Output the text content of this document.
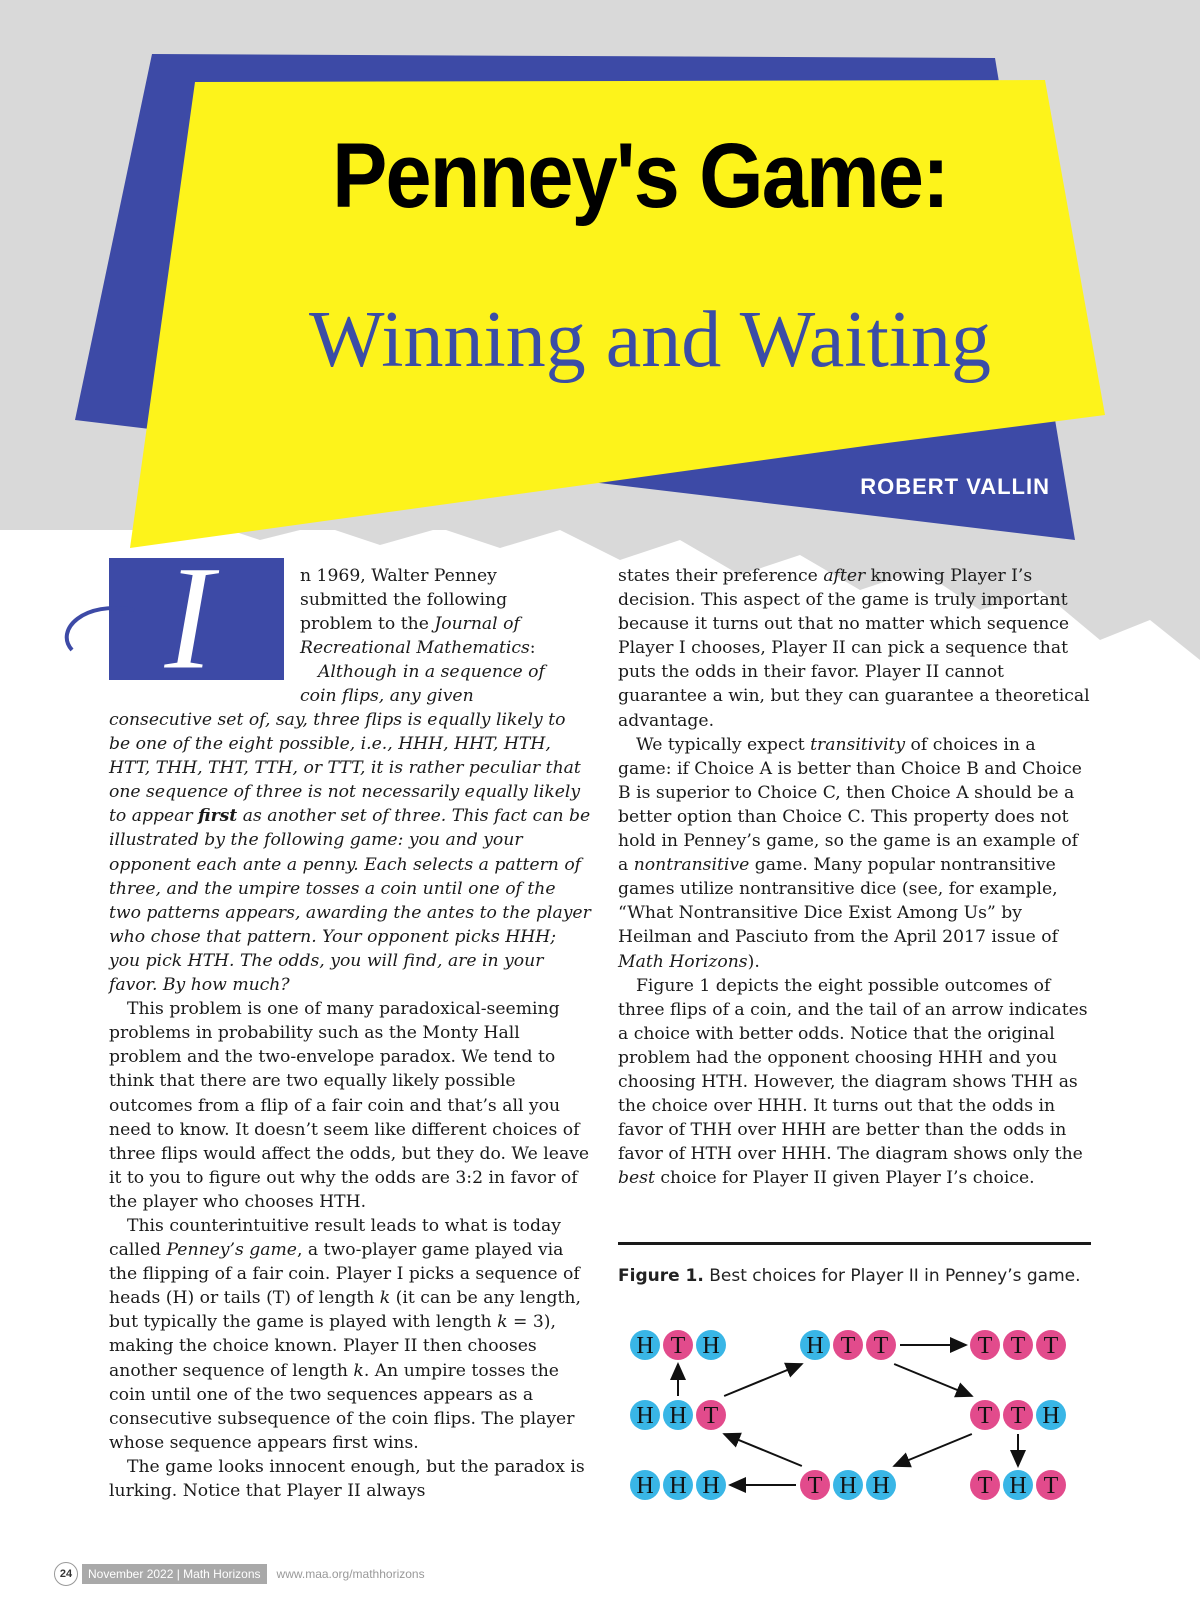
Penney's Game:
Winning and Waiting
ROBERT VALLIN
I	n 1969, Walter Penney submitted the following problem to the Journal of Recreational Mathematics:

Although in a sequence of coin flips, any given

consecutive set of, say, three flips is equally likely to be one of the eight possible, i.e., HHH, HHT, HTH, HTT, THH, THT, TTH, or TTT, it is rather peculiar that one sequence of three is not necessarily equally likely to appear first as another set of three. This fact can be illustrated by the following game: you and your opponent each ante a penny. Each selects a pattern of three, and the umpire tosses a coin until one of the two patterns appears, awarding the antes to the player who chose that pattern. Your opponent picks HHH; you pick HTH. The odds, you will find, are in your favor. By how much?

This problem is one of many paradoxical-seeming problems in probability such as the Monty Hall problem and the two-envelope paradox. We tend to think that there are two equally likely possible outcomes from a flip of a fair coin and that’s all you need to know. It doesn’t seem like different choices of three flips would affect the odds, but they do. We leave it to you to figure out why the odds are 3:2 in favor of the player who chooses HTH.

This counterintuitive result leads to what is today called Penney’s game, a two-player game played via the flipping of a fair coin. Player I picks a sequence of heads (H) or tails (T) of length k (it can be any length, but typically the game is played with length k = 3), making the choice known. Player II then chooses another sequence of length k. An umpire tosses the coin until one of the two sequences appears as a consecutive subsequence of the coin flips. The player whose sequence appears first wins.

The game looks innocent enough, but the paradox is lurking. Notice that Player II always

states their preference after knowing Player I’s decision. This aspect of the game is truly important because it turns out that no matter which sequence Player I chooses, Player II can pick a sequence that puts the odds in their favor. Player II cannot guarantee a win, but they can guarantee a theoretical advantage.

We typically expect transitivity of choices in a game: if Choice A is better than Choice B and Choice B is superior to Choice C, then Choice A should be a better option than Choice C. This property does not hold in Penney’s game, so the game is an example of a nontransitive game. Many popular nontransitive games utilize nontransitive dice (see, for example, “What Nontransitive Dice Exist Among Us” by Heilman and Pasciuto from the April 2017 issue of Math Horizons).

Figure 1 depicts the eight possible outcomes of three flips of a coin, and the tail of an arrow indicates a choice with better odds. Notice that the original problem had the opponent choosing HHH and you choosing HTH. However, the diagram shows THH as the choice over HHH. It turns out that the odds in favor of THH over HHH are better than the odds in favor of HTH over HHH. The diagram shows only the best choice for Player II given Player I’s choice.

Figure 1. Best choices for Player II in Penney’s game.
H T H	H T T	T T T
H H T	T T H
H H H	T H H	T H T
24 November 2022 | Math Horizons www.maa.org/mathhorizons
